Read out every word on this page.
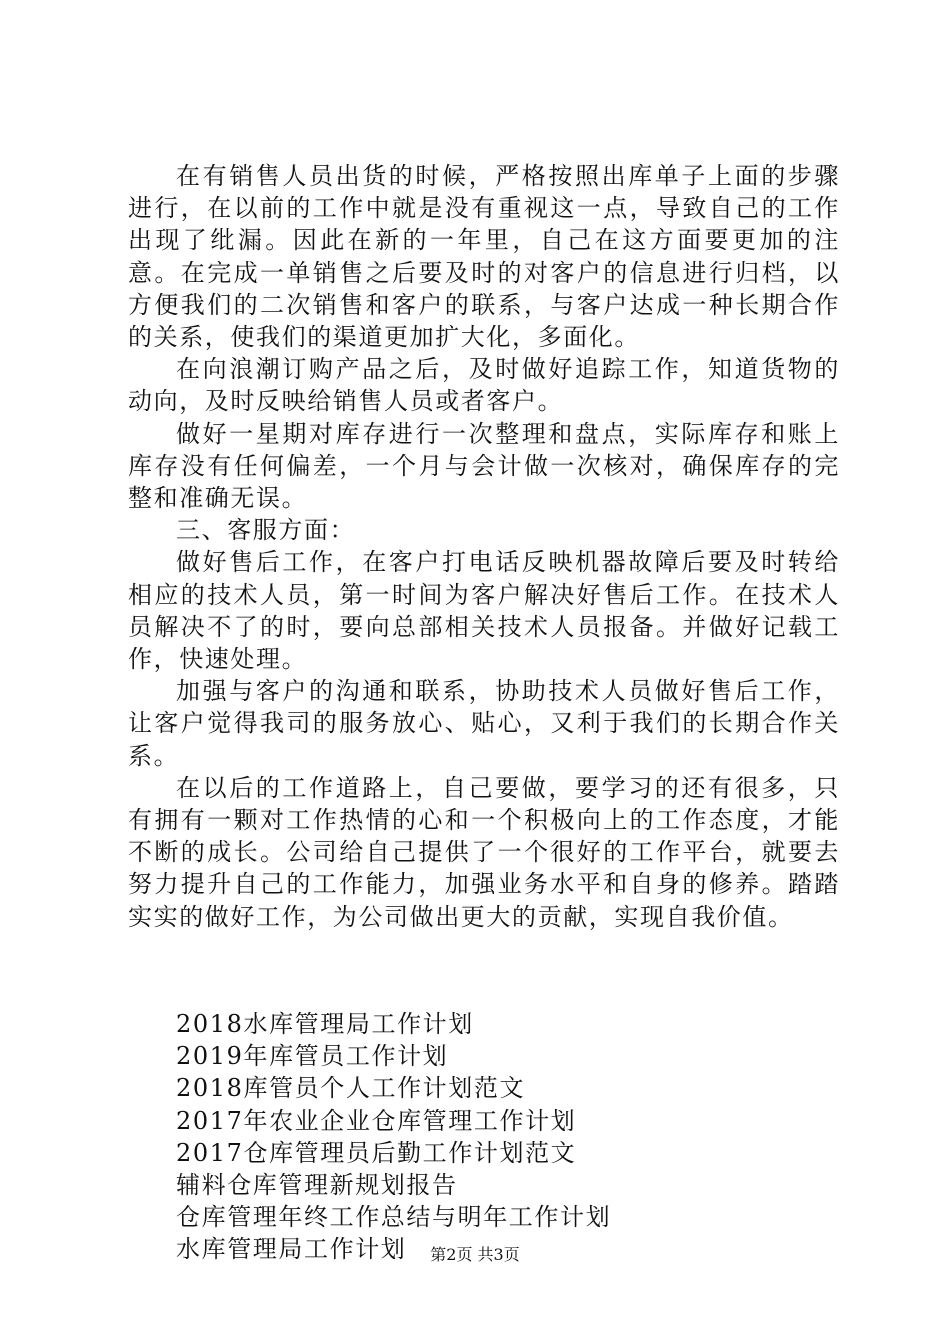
在有销售人员出货的时候，严格按照出库单子上面的步骤进行，在以前的工作中就是没有重视这一点，导致自己的工作出现了纰漏。因此在新的一年里，自己在这方面要更加的注意。在完成一单销售之后要及时的对客户的信息进行归档，以方便我们的二次销售和客户的联系，与客户达成一种长期合作的关系，使我们的渠道更加扩大化，多面化。

在向浪潮订购产品之后，及时做好追踪工作，知道货物的动向，及时反映给销售人员或者客户。

做好一星期对库存进行一次整理和盘点，实际库存和账上库存没有任何偏差，一个月与会计做一次核对，确保库存的完整和准确无误。

三、客服方面：

做好售后工作，在客户打电话反映机器故障后要及时转给相应的技术人员，第一时间为客户解决好售后工作。在技术人员解决不了的时，要向总部相关技术人员报备。并做好记载工作，快速处理。

加强与客户的沟通和联系，协助技术人员做好售后工作，让客户觉得我司的服务放心、贴心，又利于我们的长期合作关系。

在以后的工作道路上，自己要做，要学习的还有很多，只有拥有一颗对工作热情的心和一个积极向上的工作态度，才能不断的成长。公司给自己提供了一个很好的工作平台，就要去努力提升自己的工作能力，加强业务水平和自身的修养。踏踏实实的做好工作，为公司做出更大的贡献，实现自我价值。

2018水库管理局工作计划
2019年库管员工作计划
2018库管员个人工作计划范文
2017年农业企业仓库管理工作计划
2017仓库管理员后勤工作计划范文
辅料仓库管理新规划报告
仓库管理年终工作总结与明年工作计划
水库管理局工作计划	第2页 共3页
